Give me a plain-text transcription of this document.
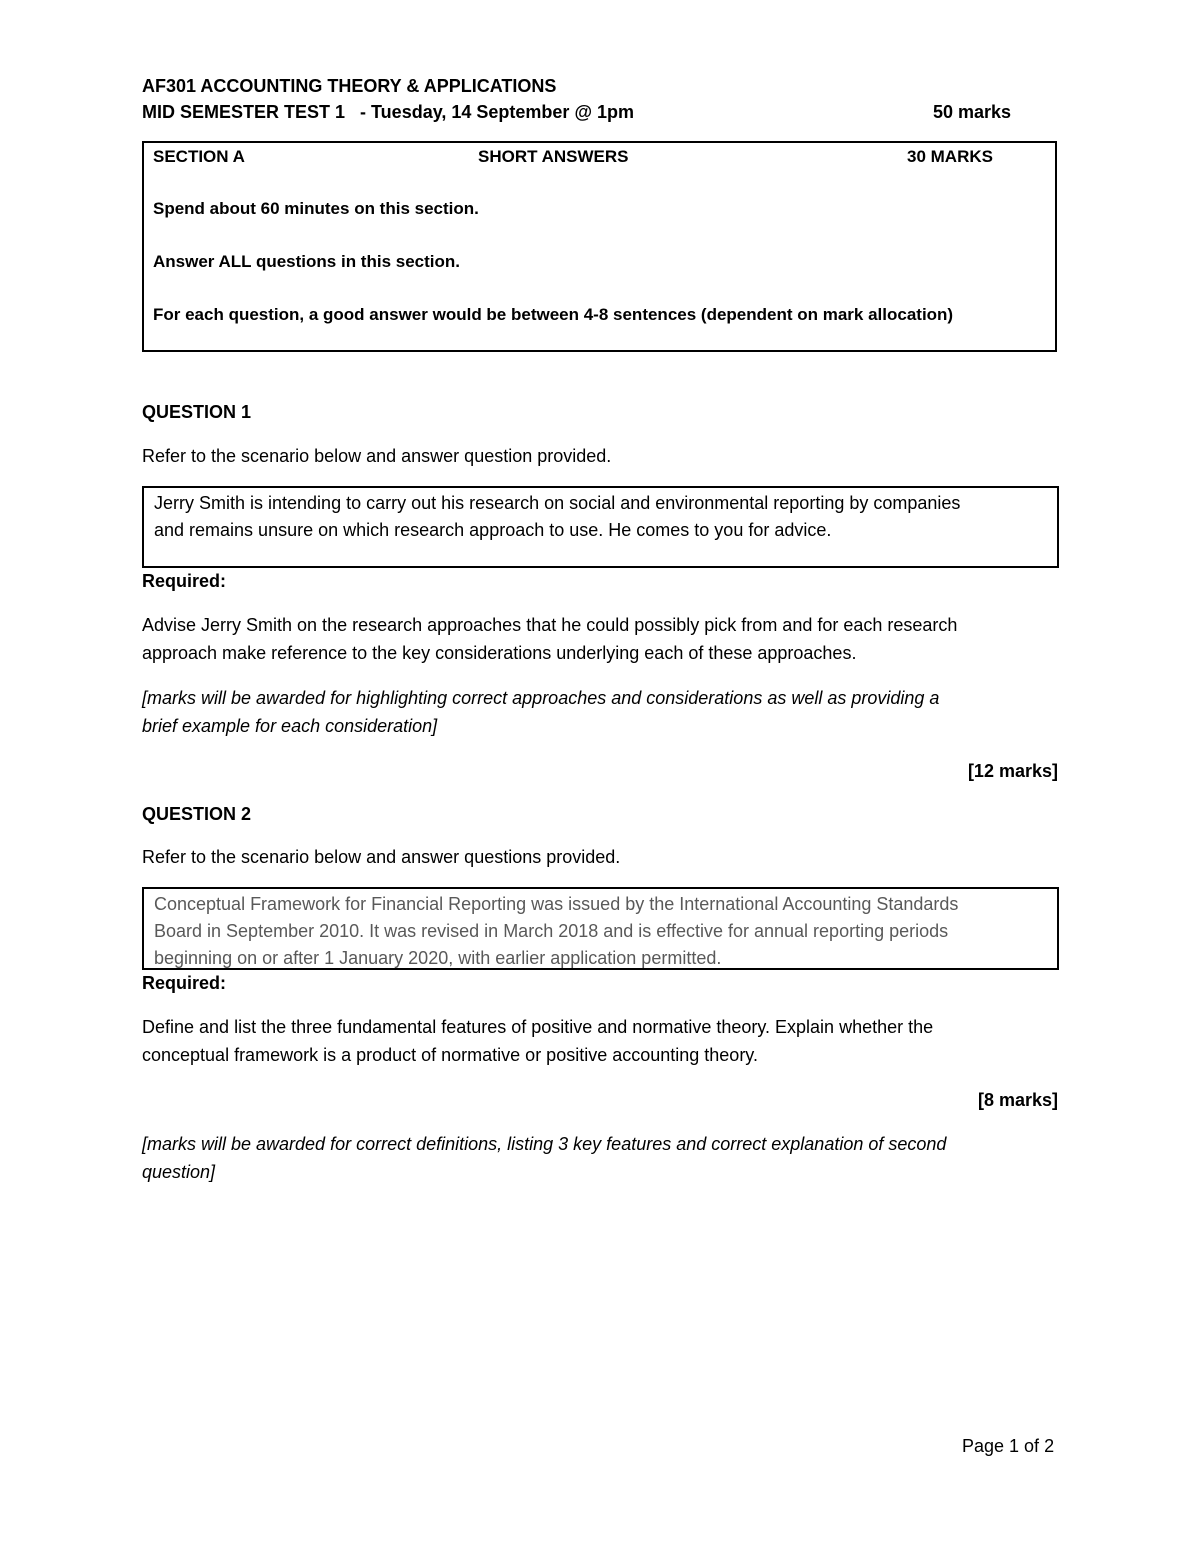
AF301 ACCOUNTING THEORY & APPLICATIONS
MID SEMESTER TEST 1   - Tuesday, 14 September @ 1pm	50 marks
SECTION A	SHORT ANSWERS	30 MARKS
Spend about 60 minutes on this section.
Answer ALL questions in this section.
For each question, a good answer would be between 4-8 sentences (dependent on mark allocation)
QUESTION 1
Refer to the scenario below and answer question provided.
Jerry Smith is intending to carry out his research on social and environmental reporting by companies
and remains unsure on which research approach to use. He comes to you for advice.
Required:
Advise Jerry Smith on the research approaches that he could possibly pick from and for each research
approach make reference to the key considerations underlying each of these approaches.
[marks will be awarded for highlighting correct approaches and considerations as well as providing a
brief example for each consideration]
[12 marks]
QUESTION 2
Refer to the scenario below and answer questions provided.
Conceptual Framework for Financial Reporting was issued by the International Accounting Standards
Board in September 2010. It was revised in March 2018 and is effective for annual reporting periods
beginning on or after 1 January 2020, with earlier application permitted.
Required:
Define and list the three fundamental features of positive and normative theory. Explain whether the
conceptual framework is a product of normative or positive accounting theory.
[8 marks]
[marks will be awarded for correct definitions, listing 3 key features and correct explanation of second
question]
Page 1 of 2
